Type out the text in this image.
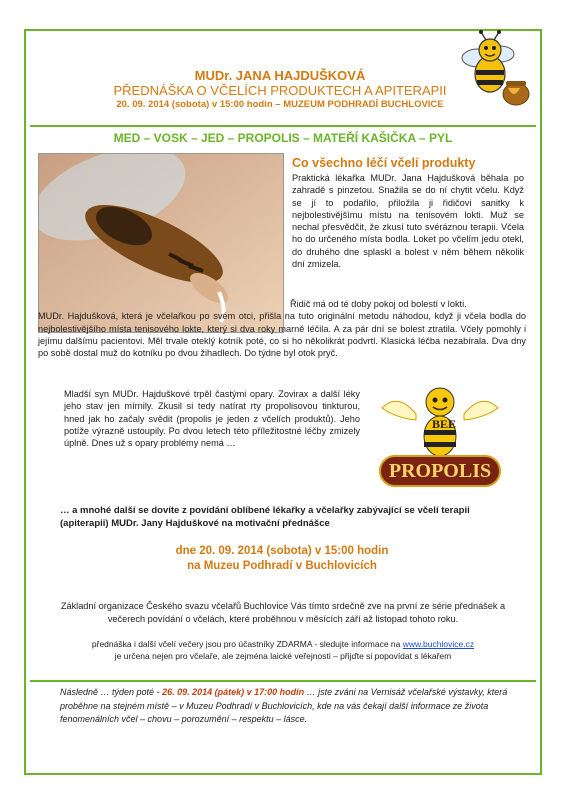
MUDr. JANA HAJDUŠKOVÁ
PŘEDNÁŠKA O VČELÍCH PRODUKTECH A APITERAPII
20. 09. 2014 (sobota) v 15:00 hodin – MUZEUM PODHRADÍ BUCHLOVICE
MED – VOSK – JED – PROPOLIS – MATEŘÍ KAŠIČKA – PYL
Co všechno léčí včelí produkty
Praktická lékařka MUDr. Jana Hajdušková běhala po zahradě s pinzetou. Snažila se do ní chytit včelu. Když se jí to podařilo, přiložila ji řidičovi sanitky k nejbolestivějšímu místu na tenisovém lokti. Muž se nechal přesvědčit, že zkusí tuto svéráznou terapii. Včela ho do určeného místa bodla. Loket po včelím jedu otekl, do druhého dne splaskl a bolest v něm během několik dní zmizela.
Řidič má od té doby pokoj od bolestí v lokti.
MUDr. Hajdušková, která je včelařkou po svém otci, přišla na tuto originální metodu náhodou, když ji včela bodla do nejbolestivějšího místa tenisového lokte, který si dva roky marně léčila. A za pár dní se bolest ztratila. Včely pomohly i jejímu dalšímu pacientovi. Měl trvale oteklý kotník poté, co si ho několikrát podvrtl. Klasická léčba nezabírala. Dva dny po sobě dostal muž do kotníku po dvou žihadlech. Do týdne byl otok pryč.
Mladší syn MUDr. Hajduškové trpěl častými opary. Zovirax a další léky jeho stav jen mírnily. Zkusil si tedy natírat rty propolisovou tinkturou, hned jak ho začaly svědit (propolis je jeden z včelích produktů). Jeho potíže výrazně ustoupily. Po dvou letech této příležitostné léčby zmizely úplně. Dnes už s opary problémy nemá …
BEE
PROPOLIS
… a mnohé další se dovíte z povídání oblíbené lékařky a včelařky zabývající se včelí terapii (apiterapii) MUDr. Jany Hajduškové na motivační přednášce
dne 20. 09. 2014 (sobota) v 15:00 hodin
na Muzeu Podhradí v Buchlovicích
Základní organizace Českého svazu včelařů Buchlovice Vás tímto srdečně zve na první ze série přednášek a večerech povídání o včelách, které proběhnou v měsících září až listopad tohoto roku.
přednáška i další včelí večery jsou pro účastníky ZDARMA - sledujte informace na www.buchlovice.cz
je určena nejen pro včelaře, ale zejména laické veřejnosti – přijďte si popovídat s lékařem
Následně … týden poté - 26. 09. 2014 (pátek) v 17:00 hodin … jste zváni na Vernisáž včelařské výstavky, která proběhne na stejném místě – v Muzeu Podhradí v Buchlovicích, kde na vás čekají další informace ze života fenomenálních včel – chovu – porozumění – respektu – lásce.
